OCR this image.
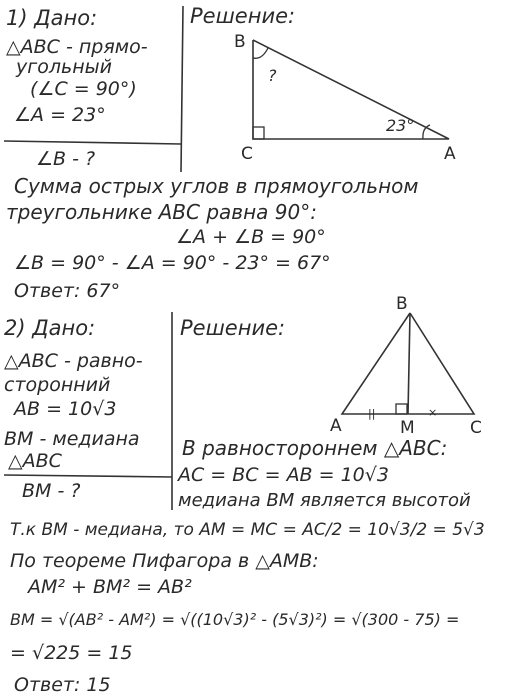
1) Дано:
△ABC - прямо-
угольный
(∠C = 90°)
∠A = 23°
∠B - ?
Решение:
B
C	A
?
23°
Сумма острых углов в прямоугольном
треугольнике ABC равна 90°:
∠A + ∠B = 90°
∠B = 90° - ∠A = 90° - 23° = 67°
Ответ: 67°
2) Дано:
△ABC - равно-
сторонний
AB = 10√3
BM - медиана
△ABC
BM - ?
Решение:
B
A	M	C
||	×
В равностороннем △ABC:
AC = BC = AB = 10√3
медиана BM является высотой
Т.к BM - медиана, то AM = MC = AC/2 = 10√3/2 = 5√3
По теореме Пифагора в △AMB:
AM² + BM² = AB²
BM = √(AB² - AM²) = √((10√3)² - (5√3)²) = √(300 - 75) =
= √225 = 15
Ответ: 15
